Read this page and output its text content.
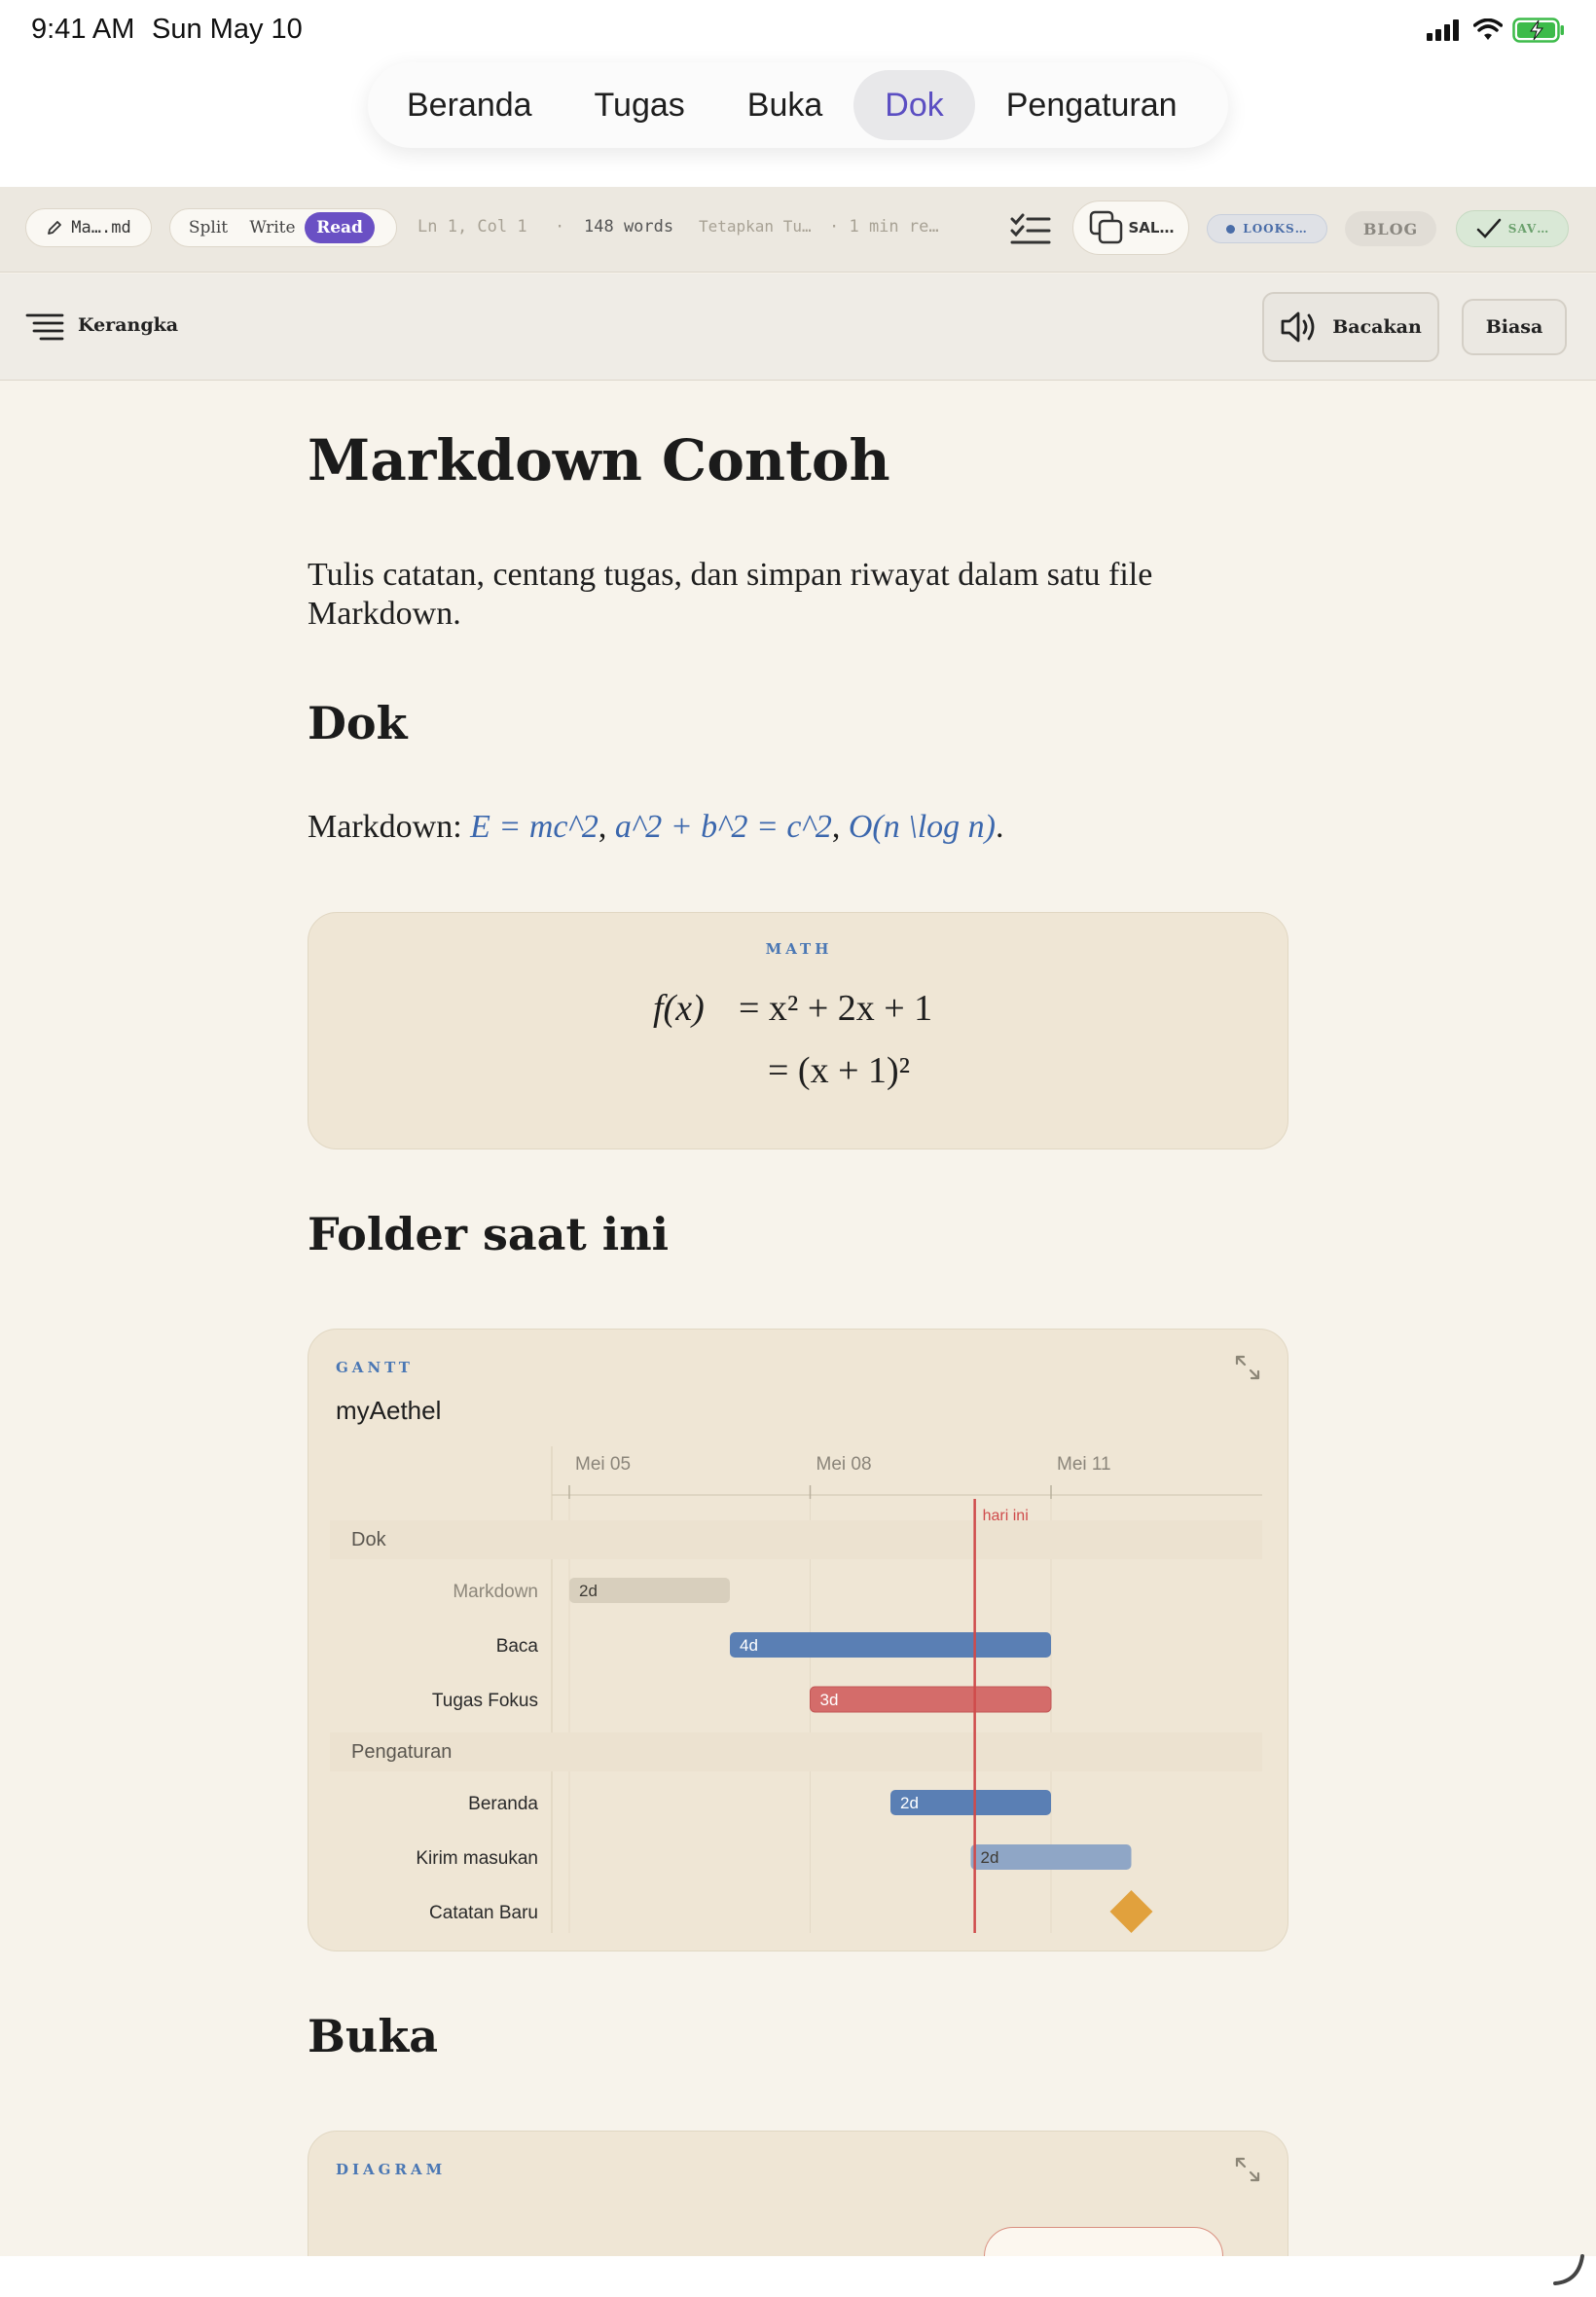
9:41 AM Sun May 10
Beranda	Tugas	Buka	Dok	Pengaturan
Ma….md	Split	Write	Read	Ln 1, Col 1 · 148 words Tetapkan Tu… · 1 min re…	SAL…	LOOKS…	BLOG	SAV…
Kerangka	Bacakan	Biasa
Markdown Contoh

Tulis catatan, centang tugas, dan simpan riwayat dalam satu file Markdown.

Dok
Markdown: E = mc^2, a^2 + b^2 = c^2, O(n \log n).
MATH
f(x) = x² + 2x + 1
= (x + 1)²
Folder saat ini
GANTT
myAethel
Mei 05	Mei 08	Mei 11
Dok
Markdown 2d
Baca	4d
Tugas Fokus	3d
Pengaturan
Beranda	2d
Kirim masukan	2d
Catatan Baru
hari ini
Buka
DIAGRAM
